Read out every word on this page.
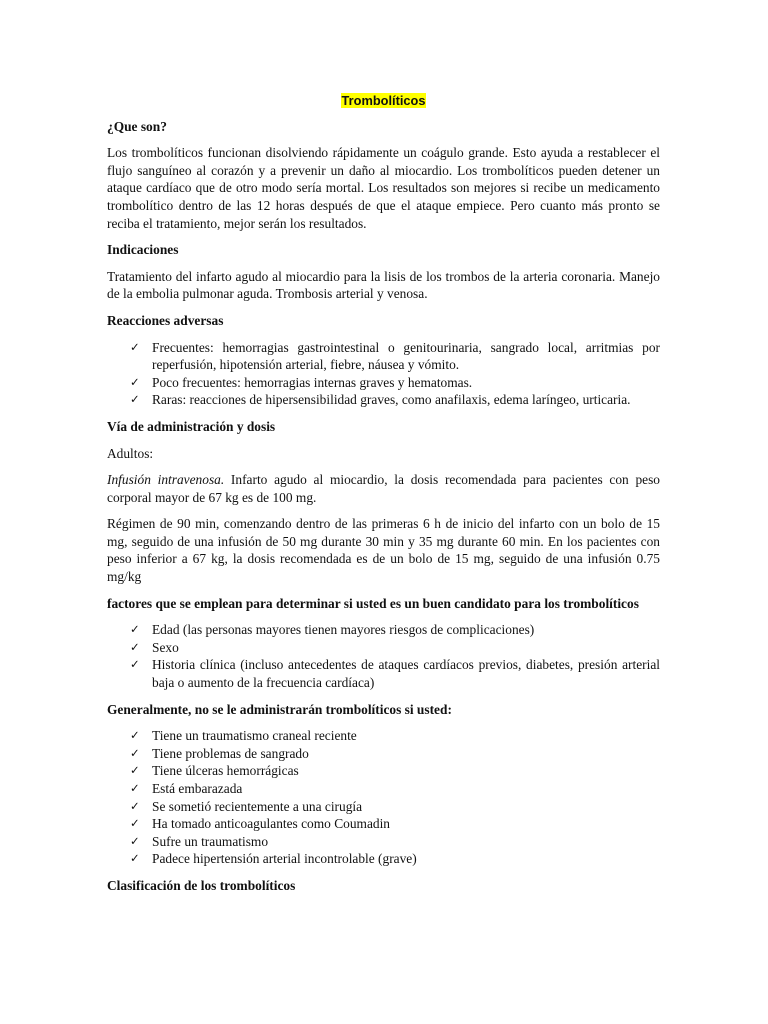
Trombolíticos
¿Que son?

Los trombolíticos funcionan disolviendo rápidamente un coágulo grande. Esto ayuda a restablecer el flujo sanguíneo al corazón y a prevenir un daño al miocardio. Los trombolíticos pueden detener un ataque cardíaco que de otro modo sería mortal. Los resultados son mejores si recibe un medicamento trombolítico dentro de las 12 horas después de que el ataque empiece. Pero cuanto más pronto se reciba el tratamiento, mejor serán los resultados.

Indicaciones

Tratamiento del infarto agudo al miocardio para la lisis de los trombos de la arteria coronaria. Manejo de la embolia pulmonar aguda. Trombosis arterial y venosa.

Reacciones adversas
✓ Frecuentes: hemorragias gastrointestinal o genitourinaria, sangrado local, arritmias por reperfusión, hipotensión arterial, fiebre, náusea y vómito.
✓ Poco frecuentes: hemorragias internas graves y hematomas.
✓ Raras: reacciones de hipersensibilidad graves, como anafilaxis, edema laríngeo, urticaria.
Vía de administración y dosis

Adultos:

Infusión intravenosa. Infarto agudo al miocardio, la dosis recomendada para pacientes con peso corporal mayor de 67 kg es de 100 mg.

Régimen de 90 min, comenzando dentro de las primeras 6 h de inicio del infarto con un bolo de 15 mg, seguido de una infusión de 50 mg durante 30 min y 35 mg durante 60 min. En los pacientes con peso inferior a 67 kg, la dosis recomendada es de un bolo de 15 mg, seguido de una infusión 0.75 mg/kg

factores que se emplean para determinar si usted es un buen candidato para los trombolíticos
✓ Edad (las personas mayores tienen mayores riesgos de complicaciones)
✓ Sexo
✓ Historia clínica (incluso antecedentes de ataques cardíacos previos, diabetes, presión arterial baja o aumento de la frecuencia cardíaca)
Generalmente, no se le administrarán trombolíticos si usted:
✓ Tiene un traumatismo craneal reciente
✓ Tiene problemas de sangrado
✓ Tiene úlceras hemorrágicas
✓ Está embarazada
✓ Se sometió recientemente a una cirugía
✓ Ha tomado anticoagulantes como Coumadin
✓ Sufre un traumatismo
✓ Padece hipertensión arterial incontrolable (grave)
Clasificación de los trombolíticos
